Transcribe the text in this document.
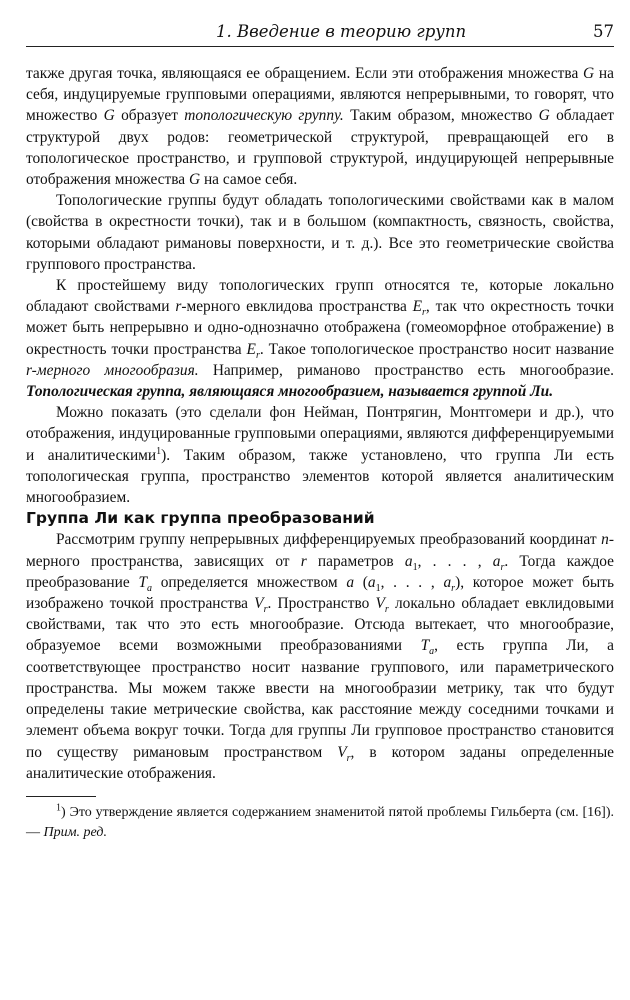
1. Введение в теорию групп	57

также другая точка, являющаяся ее обращением. Если эти отображения множества G на себя, индуцируемые групповыми операциями, являются непрерывными, то говорят, что множество G образует топологическую группу. Таким образом, множество G обладает структурой двух родов: геометрической структурой, превращающей его в топологическое пространство, и групповой структурой, индуцирующей непрерывные отображения множества G на самое себя.

Топологические группы будут обладать топологическими свойствами как в малом (свойства в окрестности точки), так и в большом (компактность, связность, свойства, которыми обладают римановы поверхности, и т. д.). Все это геометрические свойства группового пространства.

К простейшему виду топологических групп относятся те, которые локально обладают свойствами r-мерного евклидова пространства $E_r$, так что окрестность точки может быть непрерывно и одно-однозначно отображена (гомеоморфное отображение) в окрестность точки пространства $E_r$. Такое топологическое пространство носит название r-мерного многообразия. Например, риманово пространство есть многообразие. Топологическая группа, являющаяся многообразием, называется группой Ли.

Можно показать (это сделали фон Нейман, Понтрягин, Монтгомери и др.), что отображения, индуцированные групповыми операциями, являются дифференцируемыми и аналитическими$^1$). Таким образом, также установлено, что группа Ли есть топологическая группа, пространство элементов которой является аналитическим многообразием.

Группа Ли как группа преобразований

Рассмотрим группу непрерывных дифференцируемых преобразований координат n-мерного пространства, зависящих от r параметров $a_1$, . . . , $a_r$. Тогда каждое преобразование $T_a$ определяется множеством a ($a_1$, . . . , $a_r$), которое может быть изображено точкой пространства $V_r$. Пространство $V_r$ локально обладает евклидовыми свойствами, так что это есть многообразие. Отсюда вытекает, что многообразие, образуемое всеми возможными преобразованиями $T_a$, есть группа Ли, а соответствующее пространство носит название группового, или параметрического пространства. Мы можем также ввести на многообразии метрику, так что будут определены такие метрические свойства, как расстояние между соседними точками и элемент объема вокруг точки. Тогда для группы Ли групповое пространство становится по существу римановым пространством $V_r$, в котором заданы определенные аналитические отображения.

$^1$) Это утверждение является содержанием знаменитой пятой проблемы Гильберта (см. [16]). — Прим. ред.
